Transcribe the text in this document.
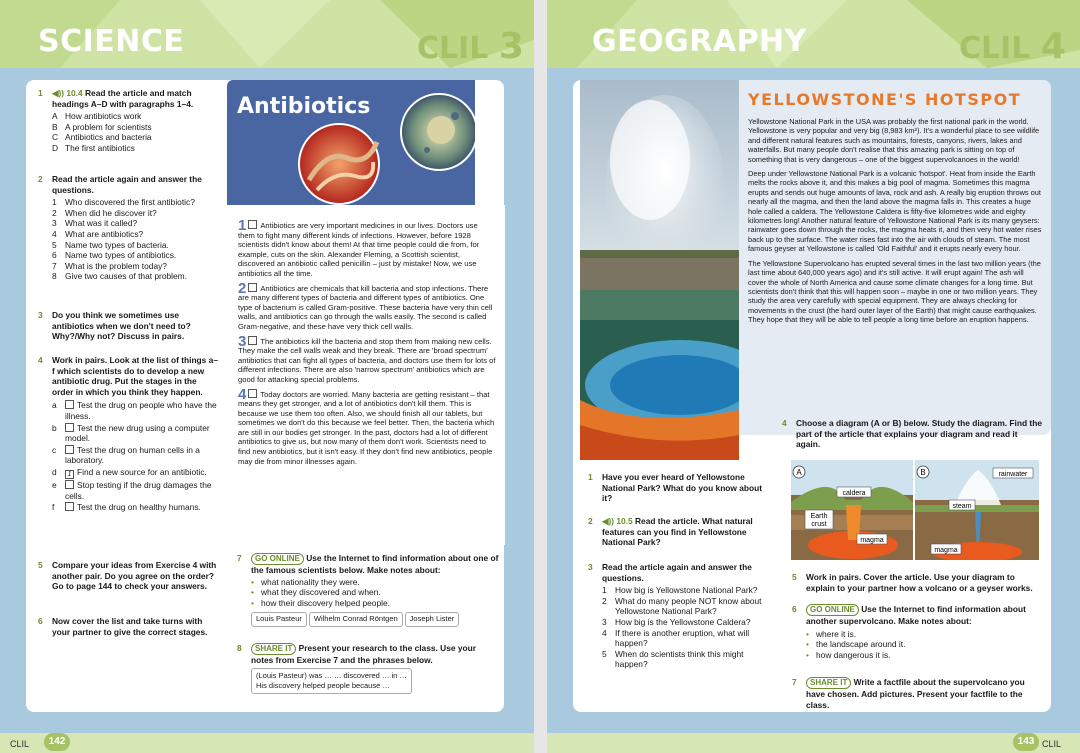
SCIENCE	CLIL 3
1 ◀)) 10.4 Read the article and match headings A–D with paragraphs 1–4.
A How antibiotics work
B A problem for scientists
C Antibiotics and bacteria
D The first antibiotics
2 Read the article again and answer the questions.
1 Who discovered the first antibiotic?
2 When did he discover it?
3 What was it called?
4 What are antibiotics?
5 Name two types of bacteria.
6 Name two types of antibiotics.
7 What is the problem today?
8 Give two causes of that problem.
3 Do you think we sometimes use antibiotics when we don't need to? Why?/Why not? Discuss in pairs.
4 Work in pairs. Look at the list of things a–f which scientists do to develop a new antibiotic drug. Put the stages in the order in which you think they happen.
a Test the drug on people who have the illness.
b Test the new drug using a computer model.
c Test the drug on human cells in a laboratory.
d 1 Find a new source for an antibiotic.
e Stop testing if the drug damages the cells.
f	Test the drug on healthy humans.
5 Compare your ideas from Exercise 4 with another pair. Do you agree on the order? Go to page 144 to check your answers.
6 Now cover the list and take turns with your partner to give the correct stages.
Antibiotics

1 Antibiotics are very important medicines in our lives. Doctors use them to fight many different kinds of infections. However, before 1928 scientists didn't know about them! At that time people could die from, for example, cuts on the skin. Alexander Fleming, a Scottish scientist, discovered an antibiotic called penicillin – just by mistake! Now, we use antibiotics all the time.

2 Antibiotics are chemicals that kill bacteria and stop infections. There are many different types of bacteria and different types of antibiotics. One type of bacterium is called Gram-positive. These bacteria have very thin cell walls, and antibiotics can go through the walls easily. The second is called Gram-negative, and these have very thick cell walls.

3 The antibiotics kill the bacteria and stop them from making new cells. They make the cell walls weak and they break. There are 'broad spectrum' antibiotics that can fight all types of bacteria, and doctors use them for lots of different infections. There are also 'narrow spectrum' antibiotics which are good for attacking special problems.

4 Today doctors are worried. Many bacteria are getting resistant – that means they get stronger, and a lot of antibiotics don't kill them. This is because we use them too often. Also, we should finish all our tablets, but sometimes we don't do this because we feel better. Then, the bacteria which are still in our bodies get stronger. In the past, doctors had a lot of different antibiotics to give us, but now many of them don't work. Scientists need to find new antibiotics, but it isn't easy. If they don't find new antibiotics, people may die from minor illnesses again.

7	GO ONLINE Use the Internet to find information about one of the famous scientists below. Make notes about:
• what nationality they were.
• what they discovered and when.
• how their discovery helped people.
Louis Pasteur Wilhelm Conrad Röntgen Joseph Lister
8	SHARE IT Present your research to the class. Use your notes from Exercise 7 and the phrases below.
(Louis Pasteur) was … … discovered … in …
His discovery helped people because …
CLIL	142
GEOGRAPHY	CLIL 4
YELLOWSTONE'S HOTSPOT

Yellowstone National Park in the USA was probably the first national park in the world. Yellowstone is very popular and very big (8,983 km²). It's a wonderful place to see wildlife and different natural features such as mountains, forests, canyons, rivers, lakes and waterfalls. But many people don't realise that this amazing park is sitting on top of something that is very dangerous – one of the biggest supervolcanoes in the world!

Deep under Yellowstone National Park is a volcanic 'hotspot'. Heat from inside the Earth melts the rocks above it, and this makes a big pool of magma. Sometimes this magma erupts and sends out huge amounts of lava, rock and ash. A really big eruption throws out nearly all the magma, and then the land above the magma falls in. This creates a huge hole called a caldera. The Yellowstone Caldera is fifty-five kilometres wide and eighty kilometres long! Another natural feature of Yellowstone National Park is its many geysers: rainwater goes down through the rocks, the magma heats it, and then very hot water rises back up to the surface. The water rises fast into the air with clouds of steam. The most famous geyser at Yellowstone is called 'Old Faithful' and it erupts nearly every hour.

The Yellowstone Supervolcano has erupted several times in the last two million years (the last time about 640,000 years ago) and it's still active. It will erupt again! The ash will cover the whole of North America and cause some climate changes for a long time. But scientists don't think that this will happen soon – maybe in one or two million years. They study the area very carefully with special equipment. They are always checking for movements in the crust (the hard outer layer of the Earth) that might cause earthquakes. They hope that they will be able to tell people a long time before an eruption happens.

1 Have you ever heard of Yellowstone National Park? What do you know about it?
2 ◀)) 10.5 Read the article. What natural features can you find in Yellowstone National Park?
3 Read the article again and answer the questions.
1 How big is Yellowstone National Park?
2 What do many people NOT know about Yellowstone National Park?
3 How big is the Yellowstone Caldera?
4 If there is another eruption, what will happen?
5 When do scientists think this might happen?
4 Choose a diagram (A or B) below. Study the diagram. Find the part of the article that explains your diagram and read it again.
A
caldera
Earth
crust
magma
B	rainwater
steam
magma
5 Work in pairs. Cover the article. Use your diagram to explain to your partner how a volcano or a geyser works.
6	GO ONLINE Use the Internet to find information about another supervolcano. Make notes about:
• where it is.
• the landscape around it.
• how dangerous it is.
7	SHARE IT Write a factfile about the supervolcano you have chosen. Add pictures. Present your factfile to the class.
143 CLIL
